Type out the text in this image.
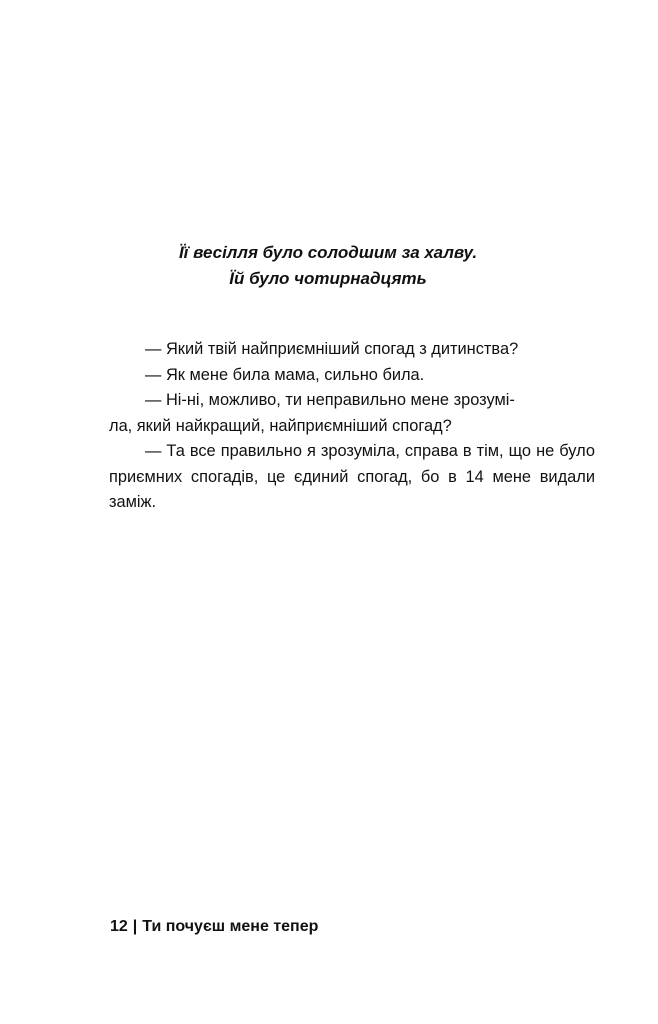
Її весілля було солодшим за халву.
Їй було чотирнадцять

— Який твій найприємніший спогад з дитинства?

— Як мене била мама, сильно била.

— Ні-ні, можливо, ти неправильно мене зрозумі-
ла, який найкращий, найприємніший спогад?

— Та все правильно я зрозуміла, справа в тім, що не було приємних спогадів, це єдиний спогад, бо в 14 мене видали заміж.

12 | Ти почуєш мене тепер
